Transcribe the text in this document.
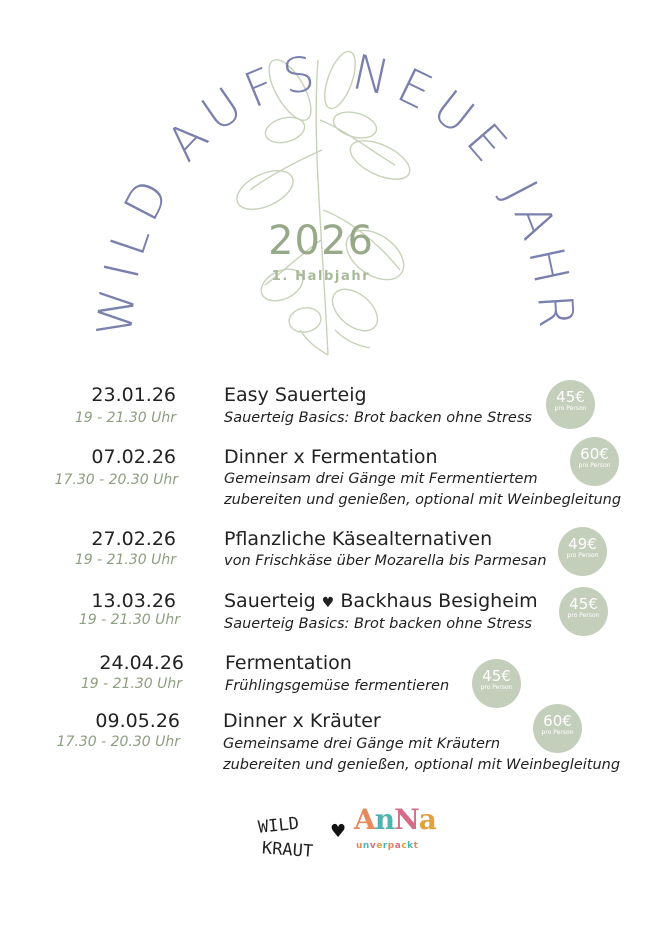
WILD AUFS NEUE JAHR
2026
1. Halbjahr
23.01.26
19 - 21.30 Uhr
Easy Sauerteig
Sauerteig Basics: Brot backen ohne Stress
45€
pro Person
07.02.26
17.30 - 20.30 Uhr
Dinner x Fermentation
Gemeinsam drei Gänge mit Fermentiertem
zubereiten und genießen, optional mit Weinbegleitung
60€
pro Person
27.02.26
19 - 21.30 Uhr
Pflanzliche Käsealternativen
von Frischkäse über Mozarella bis Parmesan
49€
pro Person
13.03.26
19 - 21.30 Uhr
Sauerteig ♥ Backhaus Besigheim
Sauerteig Basics: Brot backen ohne Stress
45€
pro Person
24.04.26
19 - 21.30 Uhr
Fermentation
Frühlingsgemüse fermentieren
45€
pro Person
09.05.26
17.30 - 20.30 Uhr
Dinner x Kräuter
Gemeinsame drei Gänge mit Kräutern
zubereiten und genießen, optional mit Weinbegleitung
60€
pro Person
WILD
KRAUT
♥ AnNa
unverpackt
